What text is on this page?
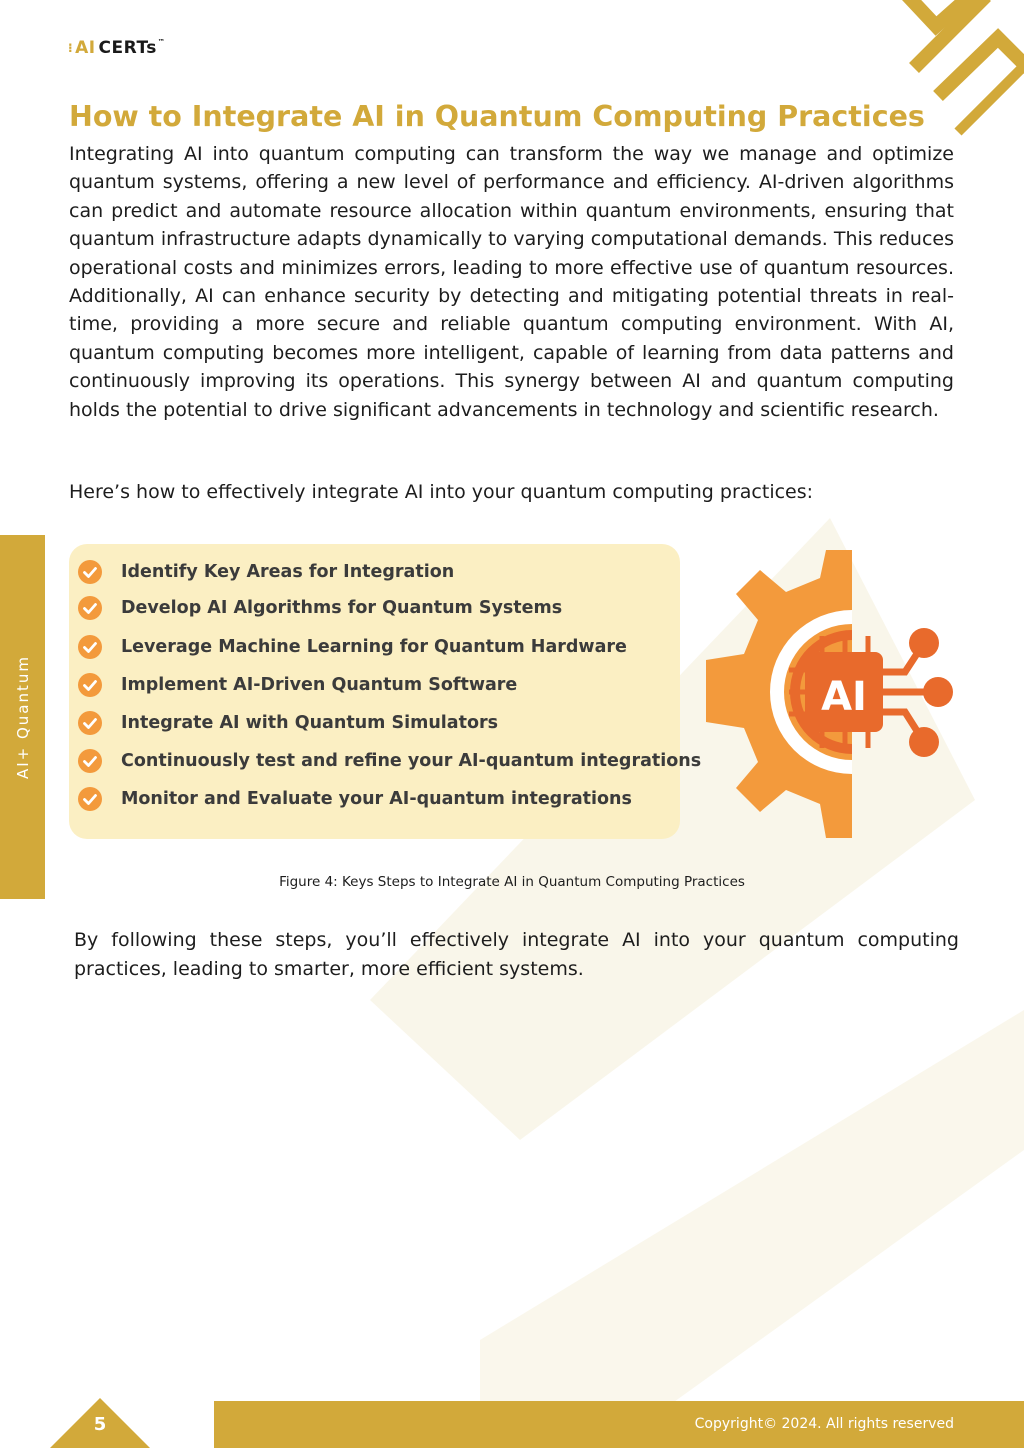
⁝ AI CERTs ™
How to Integrate AI in Quantum Computing Practices

Integrating AI into quantum computing can transform the way we manage and optimize quantum systems, offering a new level of performance and efficiency. AI-driven algorithms can predict and automate resource allocation within quantum environments, ensuring that quantum infrastructure adapts dynamically to varying computational demands. This reduces operational costs and minimizes errors, leading to more effective use of quantum resources. Additionally, AI can enhance security by detecting and mitigating potential threats in real-time, providing a more secure and reliable quantum computing environment. With AI, quantum computing becomes more intelligent, capable of learning from data patterns and continuously improving its operations. This synergy between AI and quantum computing holds the potential to drive significant advancements in technology and scientific research.

Here’s how to effectively integrate AI into your quantum computing practices:

AI+ Quantum
Identify Key Areas for Integration
Develop AI Algorithms for Quantum Systems
Leverage Machine Learning for Quantum Hardware
Implement AI-Driven Quantum Software
Integrate AI with Quantum Simulators
Continuously test and refine your AI-quantum integrations
Monitor and Evaluate your AI-quantum integrations
AI
Figure 4: Keys Steps to Integrate AI in Quantum Computing Practices

By following these steps, you’ll effectively integrate AI into your quantum computing practices, leading to smarter, more efficient systems.

Copyright© 2024. All rights reserved
5
